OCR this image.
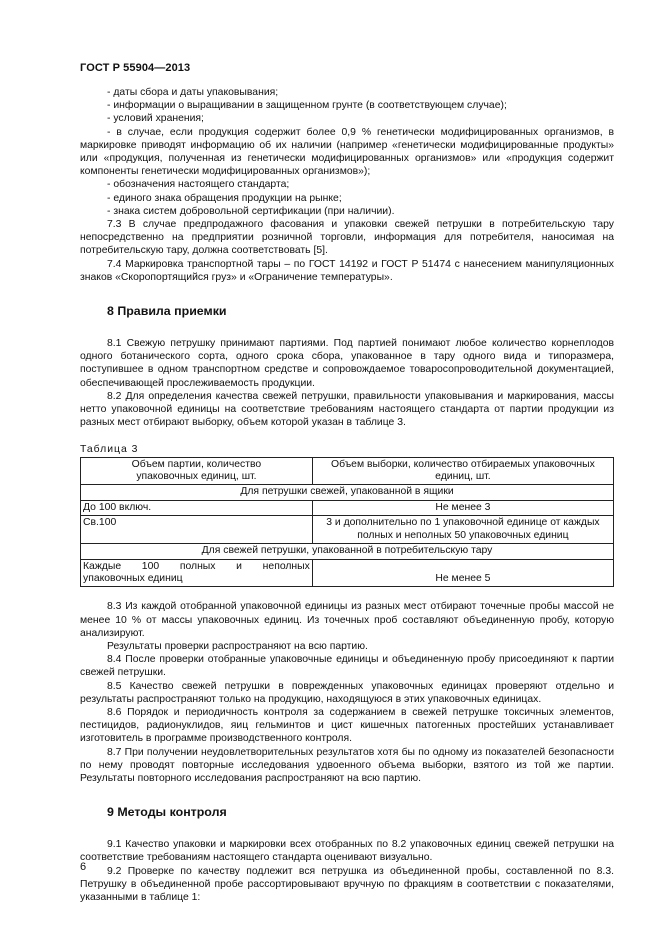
ГОСТ Р 55904—2013

- даты сбора и даты упаковывания;

- информации о выращивании в защищенном грунте (в соответствующем случае);

- условий хранения;

- в случае, если продукция содержит более 0,9 % генетически модифицированных организмов, в маркировке приводят информацию об их наличии (например «генетически модифицированные продукты» или «продукция, полученная из генетически модифицированных организмов» или «продукция содержит компоненты генетически модифицированных организмов»);

- обозначения настоящего стандарта;

- единого знака обращения продукции на рынке;

- знака систем добровольной сертификации (при наличии).

7.3 В случае предпродажного фасования и упаковки свежей петрушки в потребительскую тару непосредственно на предприятии розничной торговли, информация для потребителя, наносимая на потребительскую тару, должна соответствовать [5].

7.4 Маркировка транспортной тары – по ГОСТ 14192 и ГОСТ Р 51474 с нанесением манипуляционных знаков «Скоропортящийся груз» и «Ограничение температуры».

8 Правила приемки

8.1 Свежую петрушку принимают партиями. Под партией понимают любое количество корнеплодов одного ботанического сорта, одного срока сбора, упакованное в тару одного вида и типоразмера, поступившее в одном транспортном средстве и сопровождаемое товаросопроводительной документацией, обеспечивающей прослеживаемость продукции.

8.2 Для определения качества свежей петрушки, правильности упаковывания и маркирования, массы нетто упаковочной единицы на соответствие требованиям настоящего стандарта от партии продукции из разных мест отбирают выборку, объем которой указан в таблице 3.

Таблица 3

Объем партии, количество
упаковочных единиц, шт.	Объем выборки, количество отбираемых упаковочных
единиц, шт.
Для петрушки свежей, упакованной в ящики	
До 100 включ.	Не менее 3
Св.100	3 и дополнительно по 1 упаковочной единице от каждых
полных и неполных 50 упаковочных единиц
Для свежей петрушки, упакованной в потребительскую тару	

Каждые 100 полных и неполных
упаковочных единиц	Не менее 5

8.3 Из каждой отобранной упаковочной единицы из разных мест отбирают точечные пробы массой не менее 10 % от массы упаковочных единиц. Из точечных проб составляют объединенную пробу, которую анализируют.

Результаты проверки распространяют на всю партию.

8.4 После проверки отобранные упаковочные единицы и объединенную пробу присоединяют к партии свежей петрушки.

8.5 Качество свежей петрушки в поврежденных упаковочных единицах проверяют отдельно и результаты распространяют только на продукцию, находящуюся в этих упаковочных единицах.

8.6 Порядок и периодичность контроля за содержанием в свежей петрушке токсичных элементов, пестицидов, радионуклидов, яиц гельминтов и цист кишечных патогенных простейших устанавливает изготовитель в программе производственного контроля.

8.7 При получении неудовлетворительных результатов хотя бы по одному из показателей безопасности по нему проводят повторные исследования удвоенного объема выборки, взятого из той же партии. Результаты повторного исследования распространяют на всю партию.

9 Методы контроля

9.1 Качество упаковки и маркировки всех отобранных по 8.2 упаковочных единиц свежей петрушки на соответствие требованиям настоящего стандарта оценивают визуально.

9.2 Проверке по качеству подлежит вся петрушка из объединенной пробы, составленной по 8.3. Петрушку в объединенной пробе рассортировывают вручную по фракциям в соответствии с показателями, указанными в таблице 1:

6
